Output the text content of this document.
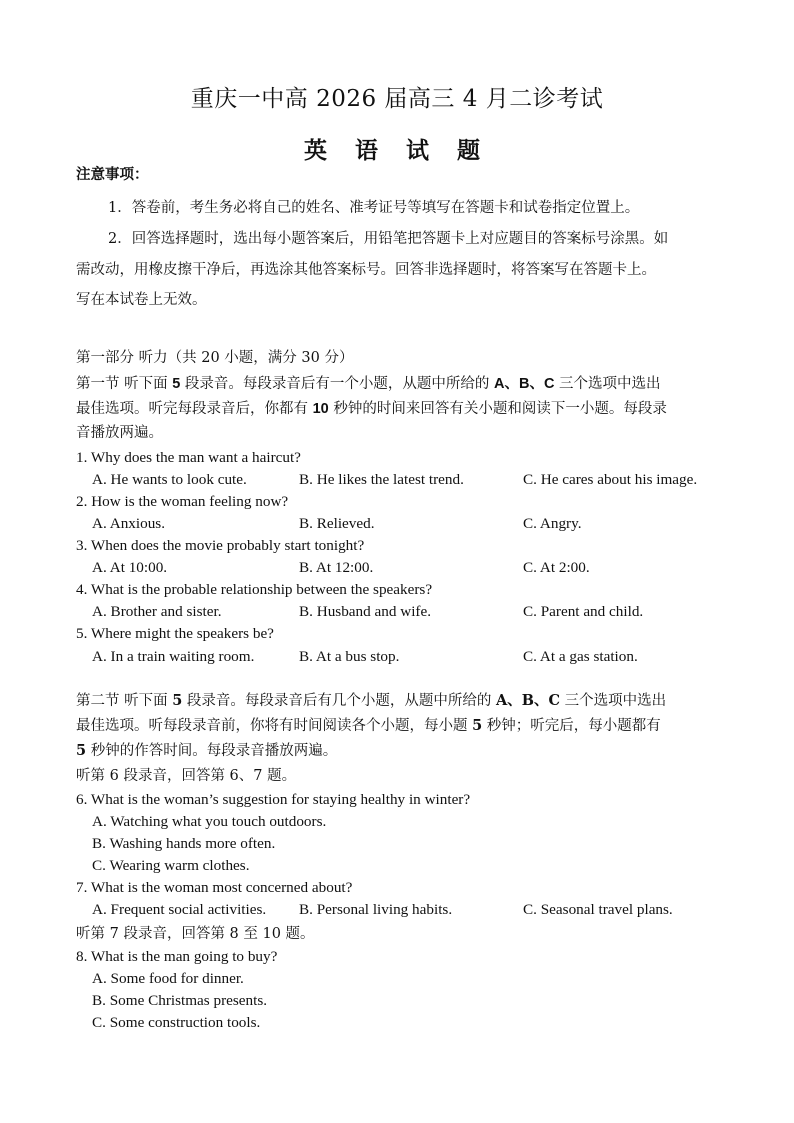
重庆一中高 2026 届高三 4 月二诊考试
英 语 试 题
注意事项：
1．答卷前，考生务必将自己的姓名、准考证号等填写在答题卡和试卷指定位置上。
2．回答选择题时，选出每小题答案后，用铅笔把答题卡上对应题目的答案标号涂黑。如
需改动，用橡皮擦干净后，再选涂其他答案标号。回答非选择题时，将答案写在答题卡上。
写在本试卷上无效。
第一部分 听力（共 20 小题，满分 30 分）
第一节 听下面 5 段录音。每段录音后有一个小题，从题中所给的 A、B、C 三个选项中选出
最佳选项。听完每段录音后，你都有 10 秒钟的时间来回答有关小题和阅读下一小题。每段录
音播放两遍。
1. Why does the man want a haircut?
A. He wants to look cute.	B. He likes the latest trend.	C. He cares about his image.
2. How is the woman feeling now?
A. Anxious.	B. Relieved.	C. Angry.
3. When does the movie probably start tonight?
A. At 10:00.	B. At 12:00.	C. At 2:00.
4. What is the probable relationship between the speakers?
A. Brother and sister.	B. Husband and wife.	C. Parent and child.
5. Where might the speakers be?
A. In a train waiting room.	B. At a bus stop.	C. At a gas station.
第二节 听下面 5 段录音。每段录音后有几个小题，从题中所给的 A、B、C 三个选项中选出
最佳选项。听每段录音前，你将有时间阅读各个小题，每小题 5 秒钟；听完后，每小题都有
5 秒钟的作答时间。每段录音播放两遍。
听第 6 段录音，回答第 6、7 题。
6. What is the woman’s suggestion for staying healthy in winter?
A. Watching what you touch outdoors.
B. Washing hands more often.
C. Wearing warm clothes.
7. What is the woman most concerned about?
A. Frequent social activities. B. Personal living habits.	C. Seasonal travel plans.
听第 7 段录音，回答第 8 至 10 题。
8. What is the man going to buy?
A. Some food for dinner.
B. Some Christmas presents.
C. Some construction tools.
